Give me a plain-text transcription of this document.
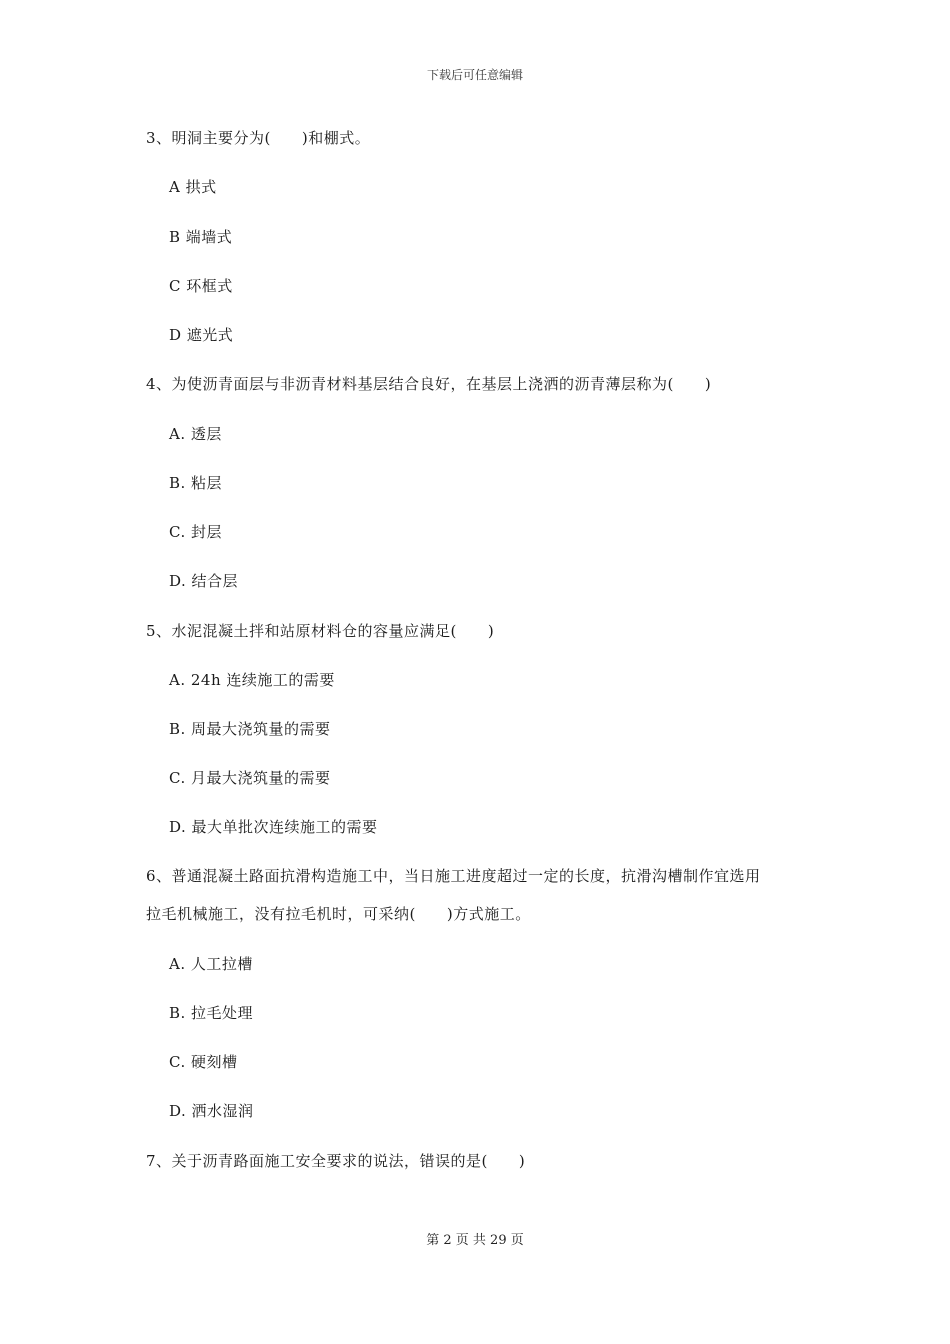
下载后可任意编辑
3、明洞主要分为(　　)和棚式。
A 拱式
B 端墙式
C 环框式
D 遮光式
4、为使沥青面层与非沥青材料基层结合良好，在基层上浇洒的沥青薄层称为(　　)
A. 透层
B. 粘层
C. 封层
D. 结合层
5、水泥混凝土拌和站原材料仓的容量应满足(　　)
A. 24h 连续施工的需要
B. 周最大浇筑量的需要
C. 月最大浇筑量的需要
D. 最大单批次连续施工的需要
6、普通混凝土路面抗滑构造施工中，当日施工进度超过一定的长度，抗滑沟槽制作宜选用
拉毛机械施工，没有拉毛机时，可采纳(　　)方式施工。
A. 人工拉槽
B. 拉毛处理
C. 硬刻槽
D. 洒水湿润
7、关于沥青路面施工安全要求的说法，错误的是(　　)
第 2 页 共 29 页
